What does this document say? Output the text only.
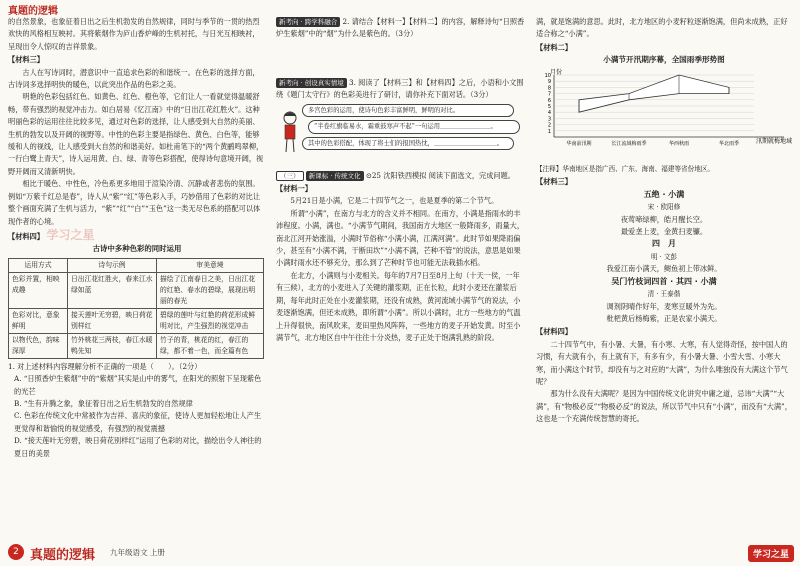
真题的逻辑

的自然景象，也象征着日出之后生机勃发的自然规律，同时与季节的一贯的热烈欢快的风格相互映衬。其将紫烟作为庐山香炉峰的生机衬托，与日光互相映衬，呈现出令人惊叹的吉祥景象。

【材料三】

古人在写诗词时，潜意识中一直追求色彩的和谐统一。在色彩的选择方面，古诗词多选择明快的暖色，以此突出作品的色彩之美。

明艳的色彩包括红色、如黄色、红色、橙色等，它们让人一看就觉得温暖舒畅，带有强烈的视觉冲击力。如白居易《忆江南》中的“日出江花红胜火”。这种明丽色彩的运用往往比较多见，通过对色彩的选择，让人感受到大自然的美丽、生机的勃发以及开阔的视野等。中性的色彩主要是指绿色、黄色、白色等，能够缓和人的视线，让人感受到大自然的和谐美好。如杜甫笔下的“两个黄鹂鸣翠柳，一行白鹭上青天”，诗人运用黄、白、绿、青等色彩搭配，使得诗句意境开阔，视野开阔而又清新明快。

相比于暖色、中性色，冷色系更多地用于渲染冷清、沉静或者悲伤的氛围。例如“万紫千红总是春”，诗人从“紫”“红”等色彩入手，巧妙借用了色彩的对比让整个画面充满了生机与活力，“紫”“红”“白”“玉色”这一类无尽色系的搭配可以体现作者的心境。

【材料四】 学习之星
古诗中多种色彩的同时运用
运用方式	诗句示例	审美意境
色彩并置，相映成趣	日出江花红胜火，春来江水绿如蓝	描绘了江南春日之美，日出江花的红艳、春水的碧绿，展现出明丽的春光
色彩对比，意象鲜明	接天莲叶无穷碧，映日荷花别样红	碧绿的莲叶与红艳的荷花形成鲜明对比，产生强烈的视觉冲击
以物代色，韵味深厚	竹外桃花三两枝，春江水暖鸭先知	竹子的青，桃花的红，春江的绿，都不着一色，而全篇有色

1. 对上述材料内容理解分析不正确的一项是（　　）。（2分）

A. “日照香炉生紫烟”中的“紫烟”其实是山中的雾气，在阳光的照射下呈现紫色的光芒

B. “生有升腾之象，象征着日出之后生机勃发的自然规律

C. 色彩在传统文化中常被作为吉祥、喜庆的象征，使诗人更加轻松地让人产生更觉得和谐愉悦的视觉感受，有强烈的视觉震撼

D. “接天莲叶无穷碧，映日荷花别样红”运用了色彩的对比，描绘出令人神往的夏日的美景

新考向 · 跨学科融合 2. 请结合【材料一】【材料二】的内容，解释诗句“日照香炉生紫烟”中的“烟”为什么是紫色的。（3分）

新考向 · 创设真实情境 3. 阅读了【材料三】和【材料四】之后，小语和小文围绕《题门太守行》的色彩美进行了研讨，请你补充下面对话。（3分）

多宫色彩的运用，使诗句色彩丰富鲜明，鲜明的对比。
“半卷红旗临易水，霜重鼓寒声不起”一句运用＿＿＿＿＿＿＿＿。
其中的色彩搭配，体现了将士们的报国热忱，＿＿＿＿＿＿＿＿＿＿。

（三） 新课标 · 传统文化 ⊙25 沈阳铁西模拟 阅读下面选文，完成问题。

【材料一】

5月21日是小满，它是二十四节气之一，也是夏季的第二个节气。

所谓“小满”，在南方与北方的含义并不相同。在南方，小满是指雨水的丰沛程度。小满，满也。“小满节气期间，我国南方大地区一般降雨多，雨量大，南北江河开始涨溢，小满时节俗称“小满小满，江满河满”。此时节如果降雨偏少，甚至有“小满不满，干断田坎”“小满不满，芒种不管”的说法，意思是如果小满时雨水还不够充分，那么到了芒种时节也可能无法栽插水稻。

在北方，小满则与小麦相关。每年的7月7日至8月上旬（十天一侯，一年有三候），北方的小麦进入了关键的灌浆期，正在长粒，此时小麦还在灌浆后期，每年此时正处在小麦灌浆期，还没有成熟，黄河流域小满节气的说法，小麦逐渐饱满，但还未成熟，即所谓“小满”。所以小满时，北方一些地方的气温上升得很快，南风吹来，麦田里热风阵阵，一些地方的麦子开始发黄。时至小满节气，北方地区自中午往往十分炎热，麦子正处于饱满乳熟的阶段。

满，就是饱满的意思。此时，北方地区的小麦籽粒逐渐饱满，但尚未成熟，正好适合称之“小满”。

【材料二】
小满节开汛期序幕，全国雨季形势图
月份
汛期就梅地域
1
2
3
4
5
6
7
8
9
10
华南前汛期	长江流域梅雨季	华西秋雨	华北雨季

【注释】华南地区是指广西、广东、海南、福建等省份地区。

【材料三】
五绝 · 小满
宋 · 欧阳修
夜莺啼绿柳，皓月醒长空。
最爱垄上麦，金黄扫麦镰。
四　月
明 · 文彭
我爱江南小满天，鲥鱼初上带冰鲜。
吴门竹枝词四首 · 其四 · 小满
清 · 王泰偕
调剂阴晴作好年，麦寒豆暖外为先。
枇杷黄后杨梅紫，正是农家小满天。
【材料四】

二十四节气中，有小暑、大暑，有小寒、大寒，有人觉得奇怪，按中国人的习惯，有大就有小，有上就有下，有多有少，有小暑大暑、小雪大雪、小寒大寒，而小满这个时节，却没有与之对应的“大满”，为什么唯独没有大满这个节气呢？

那为什么没有大满呢？是因为中国传统文化讲究中庸之道，忌讳“大满”“大满”，有“物极必反”“物极必反”的说法，所以节气中只有“小满”，而没有“大满”，这也是一个充满传统智慧的寄托。

2 真题的逻辑 九年级语文 上册	学习之星
